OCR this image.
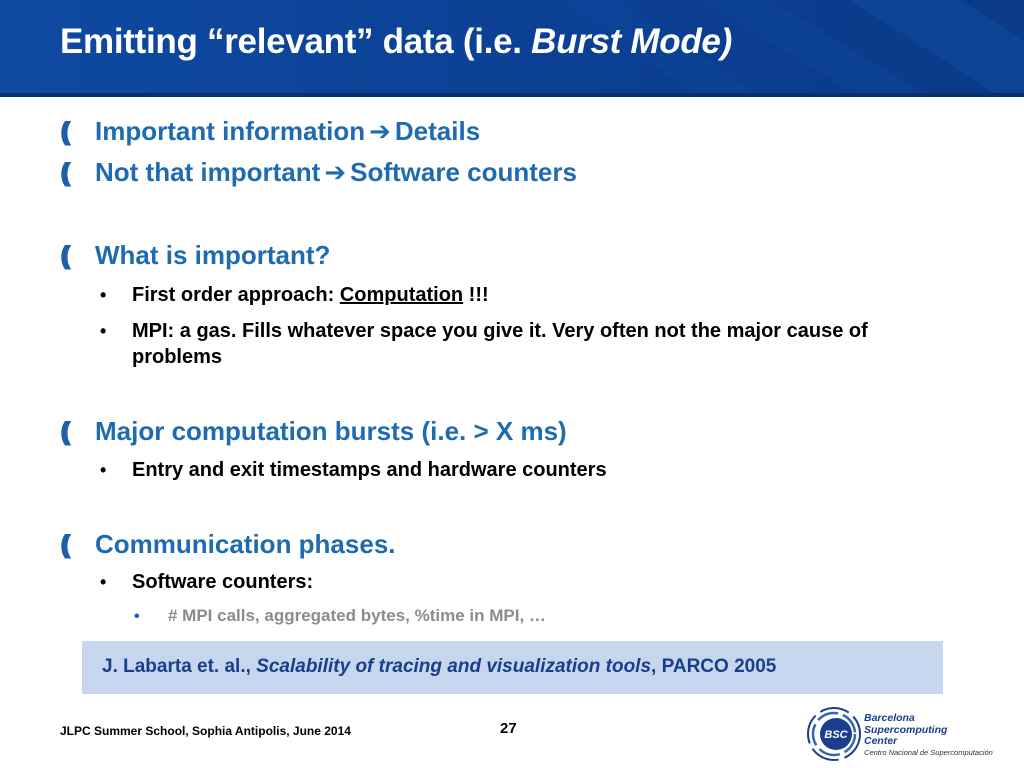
Emitting “relevant” data (i.e. Burst Mode)
(( Important information ➔ Details
(( Not that important ➔ Software counters
(( What is important?
•	First order approach: Computation !!!
•	MPI: a gas. Fills whatever space you give it. Very often not the major cause of problems
(( Major computation bursts (i.e. > X ms)
•	Entry and exit timestamps and hardware counters
(( Communication phases.
•	Software counters:
• # MPI calls, aggregated bytes, %time in MPI, …
J. Labarta et. al., Scalability of tracing and visualization tools, PARCO 2005
JLPC Summer School, Sophia Antipolis, June 2014	27	BSC
Barcelona
Supercomputing
Center
Centro Nacional de Supercomputación
